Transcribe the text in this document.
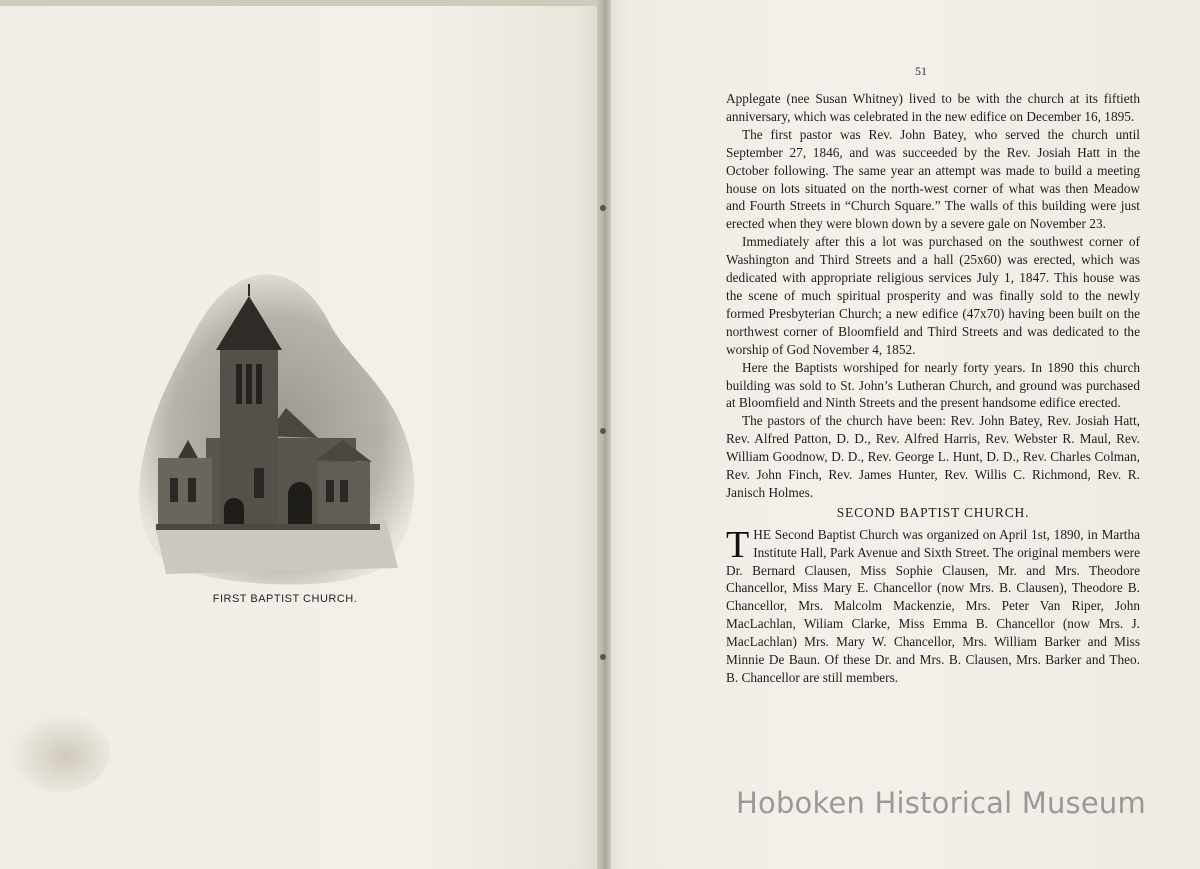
FIRST BAPTIST CHURCH.
51

Applegate (nee Susan Whitney) lived to be with the church at its fiftieth anniversary, which was celebrated in the new edifice on December 16, 1895.

The first pastor was Rev. John Batey, who served the church until September 27, 1846, and was succeeded by the Rev. Josiah Hatt in the October following. The same year an attempt was made to build a meeting house on lots situated on the north-west corner of what was then Meadow and Fourth Streets in “Church Square.” The walls of this building were just erected when they were blown down by a severe gale on November 23.

Immediately after this a lot was purchased on the southwest corner of Washington and Third Streets and a hall (25x60) was erected, which was dedicated with appropriate religious services July 1, 1847. This house was the scene of much spiritual prosperity and was finally sold to the newly formed Presbyterian Church; a new edifice (47x70) having been built on the northwest corner of Bloomfield and Third Streets and was dedicated to the worship of God November 4, 1852.

Here the Baptists worshiped for nearly forty years. In 1890 this church building was sold to St. John’s Lutheran Church, and ground was purchased at Bloomfield and Ninth Streets and the present handsome edifice erected.

The pastors of the church have been: Rev. John Batey, Rev. Josiah Hatt, Rev. Alfred Patton, D. D., Rev. Alfred Harris, Rev. Webster R. Maul, Rev. William Goodnow, D. D., Rev. George L. Hunt, D. D., Rev. Charles Colman, Rev. John Finch, Rev. James Hunter, Rev. Willis C. Richmond, Rev. R. Janisch Holmes.

SECOND BAPTIST CHURCH.

THE Second Baptist Church was organized on April 1st, 1890, in Martha Institute Hall, Park Avenue and Sixth Street. The original members were Dr. Bernard Clausen, Miss Sophie Clausen, Mr. and Mrs. Theodore Chancellor, Miss Mary E. Chancellor (now Mrs. B. Clausen), Theodore B. Chancellor, Mrs. Malcolm Mackenzie, Mrs. Peter Van Riper, John MacLachlan, Wiliam Clarke, Miss Emma B. Chancellor (now Mrs. J. MacLachlan) Mrs. Mary W. Chancellor, Mrs. William Barker and Miss Minnie De Baun. Of these Dr. and Mrs. B. Clausen, Mrs. Barker and Theo. B. Chancellor are still members.

Hoboken Historical Museum
